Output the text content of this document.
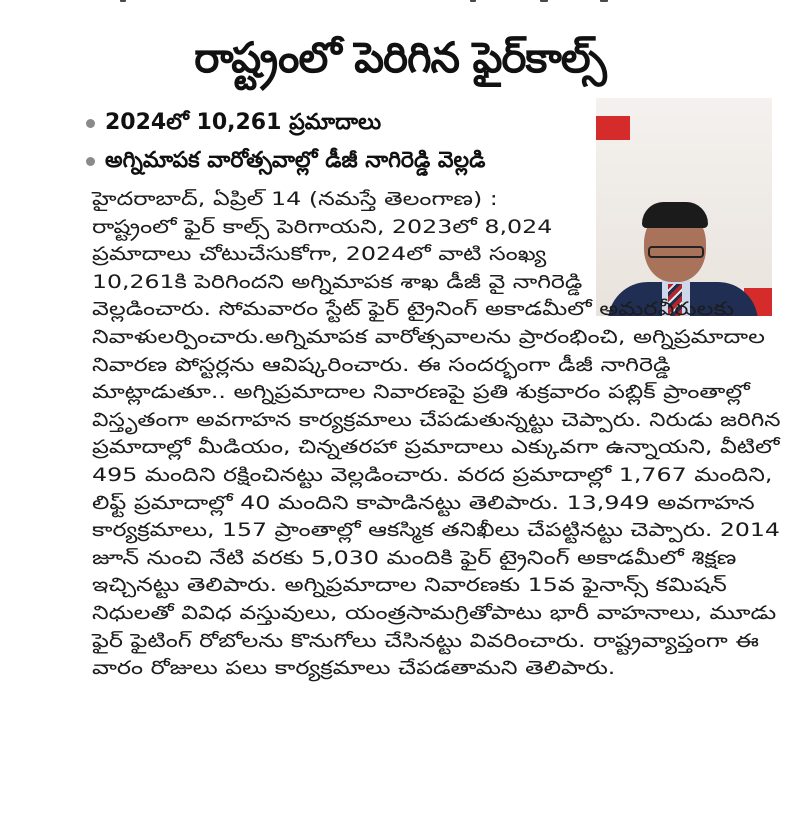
రాష్ట్రంలో పెరిగిన ఫైర్‌కాల్స్
2024లో 10,261 ప్రమాదాలు
అగ్నిమాపక వారోత్సవాల్లో డీజీ నాగిరెడ్డి వెల్లడి
హైదరాబాద్, ఏప్రిల్ 14 (నమస్తే తెలంగాణ) :
రాష్ట్రంలో ఫైర్ కాల్స్ పెరిగాయని, 2023లో 8,024
ప్రమాదాలు చోటుచేసుకోగా, 2024లో వాటి సంఖ్య
10,261కి పెరిగిందని అగ్నిమాపక శాఖ డీజీ వై నాగిరెడ్డి
వెల్లడించారు. సోమవారం స్టేట్ ఫైర్ ట్రైనింగ్ అకాడమీలో అమరవీరులకు
నివాళులర్పించారు.అగ్నిమాపక వారోత్సవాలను ప్రారంభించి, అగ్నిప్రమాదాల
నివారణ పోస్టర్లను ఆవిష్కరించారు. ఈ సందర్భంగా డీజీ నాగిరెడ్డి
మాట్లాడుతూ.. అగ్నిప్రమాదాల నివారణపై ప్రతి శుక్రవారం పబ్లిక్ ప్రాంతాల్లో
విస్తృతంగా అవగాహన కార్యక్రమాలు చేపడుతున్నట్టు చెప్పారు. నిరుడు జరిగిన
ప్రమాదాల్లో మీడియం, చిన్నతరహా ప్రమాదాలు ఎక్కువగా ఉన్నాయని, వీటిలో
495 మందిని రక్షించినట్టు వెల్లడించారు. వరద ప్రమాదాల్లో 1,767 మందిని,
లిఫ్ట్ ప్రమాదాల్లో 40 మందిని కాపాడినట్టు తెలిపారు. 13,949 అవగాహన
కార్యక్రమాలు, 157 ప్రాంతాల్లో ఆకస్మిక తనిఖీలు చేపట్టినట్టు చెప్పారు. 2014
జూన్ నుంచి నేటి వరకు 5,030 మందికి ఫైర్ ట్రైనింగ్ అకాడమీలో శిక్షణ
ఇచ్చినట్టు తెలిపారు. అగ్నిప్రమాదాల నివారణకు 15వ ఫైనాన్స్ కమిషన్
నిధులతో వివిధ వస్తువులు, యంత్రసామగ్రితోపాటు భారీ వాహనాలు, మూడు
ఫైర్ ఫైటింగ్ రోబోలను కొనుగోలు చేసినట్టు వివరించారు. రాష్ట్రవ్యాప్తంగా ఈ
వారం రోజులు పలు కార్యక్రమాలు చేపడతామని తెలిపారు.
